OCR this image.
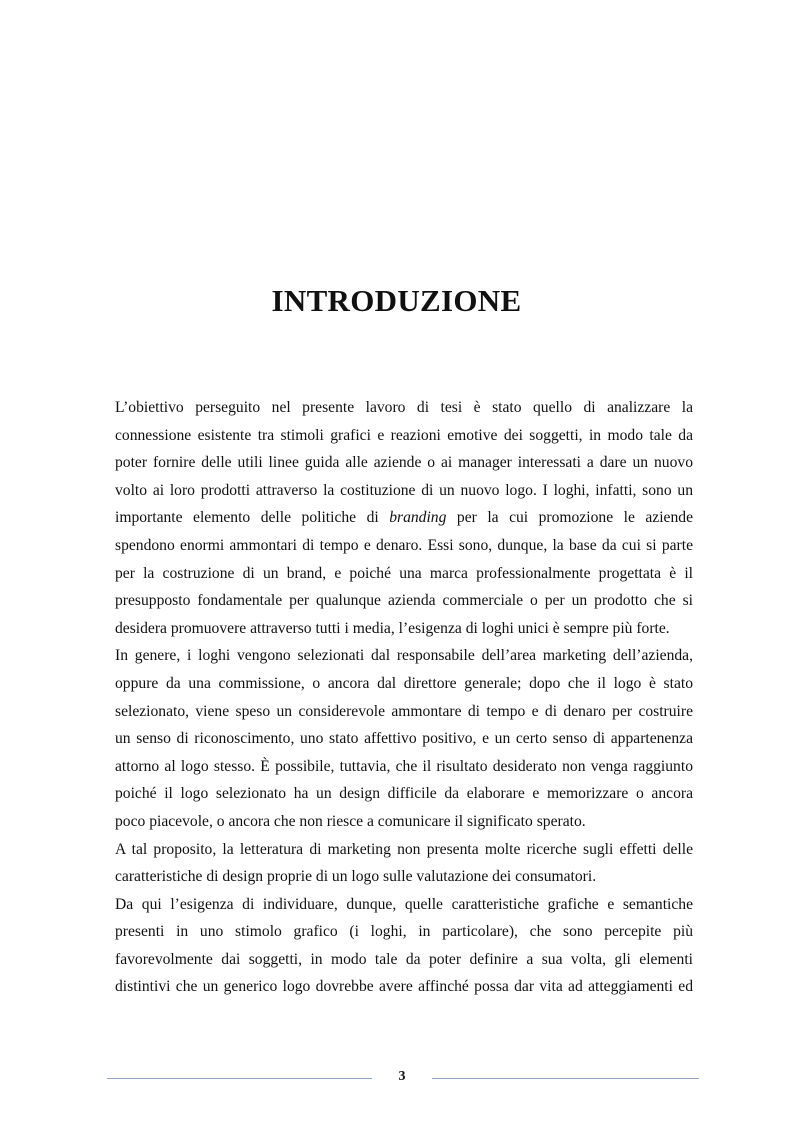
INTRODUZIONE

L’obiettivo perseguito nel presente lavoro di tesi è stato quello di analizzare la
connessione esistente tra stimoli grafici e reazioni emotive dei soggetti, in modo tale da
poter fornire delle utili linee guida alle aziende o ai manager interessati a dare un nuovo
volto ai loro prodotti attraverso la costituzione di un nuovo logo. I loghi, infatti, sono un
importante elemento delle politiche di branding per la cui promozione le aziende
spendono enormi ammontari di tempo e denaro. Essi sono, dunque, la base da cui si parte
per la costruzione di un brand, e poiché una marca professionalmente progettata è il
presupposto fondamentale per qualunque azienda commerciale o per un prodotto che si
desidera promuovere attraverso tutti i media, l’esigenza di loghi unici è sempre più forte.

In genere, i loghi vengono selezionati dal responsabile dell’area marketing dell’azienda,
oppure da una commissione, o ancora dal direttore generale; dopo che il logo è stato
selezionato, viene speso un considerevole ammontare di tempo e di denaro per costruire
un senso di riconoscimento, uno stato affettivo positivo, e un certo senso di appartenenza
attorno al logo stesso. È possibile, tuttavia, che il risultato desiderato non venga raggiunto
poiché il logo selezionato ha un design difficile da elaborare e memorizzare o ancora
poco piacevole, o ancora che non riesce a comunicare il significato sperato.

A tal proposito, la letteratura di marketing non presenta molte ricerche sugli effetti delle
caratteristiche di design proprie di un logo sulle valutazione dei consumatori.

Da qui l’esigenza di individuare, dunque, quelle caratteristiche grafiche e semantiche
presenti in uno stimolo grafico (i loghi, in particolare), che sono percepite più
favorevolmente dai soggetti, in modo tale da poter definire a sua volta, gli elementi
distintivi che un generico logo dovrebbe avere affinché possa dar vita ad atteggiamenti ed

3
